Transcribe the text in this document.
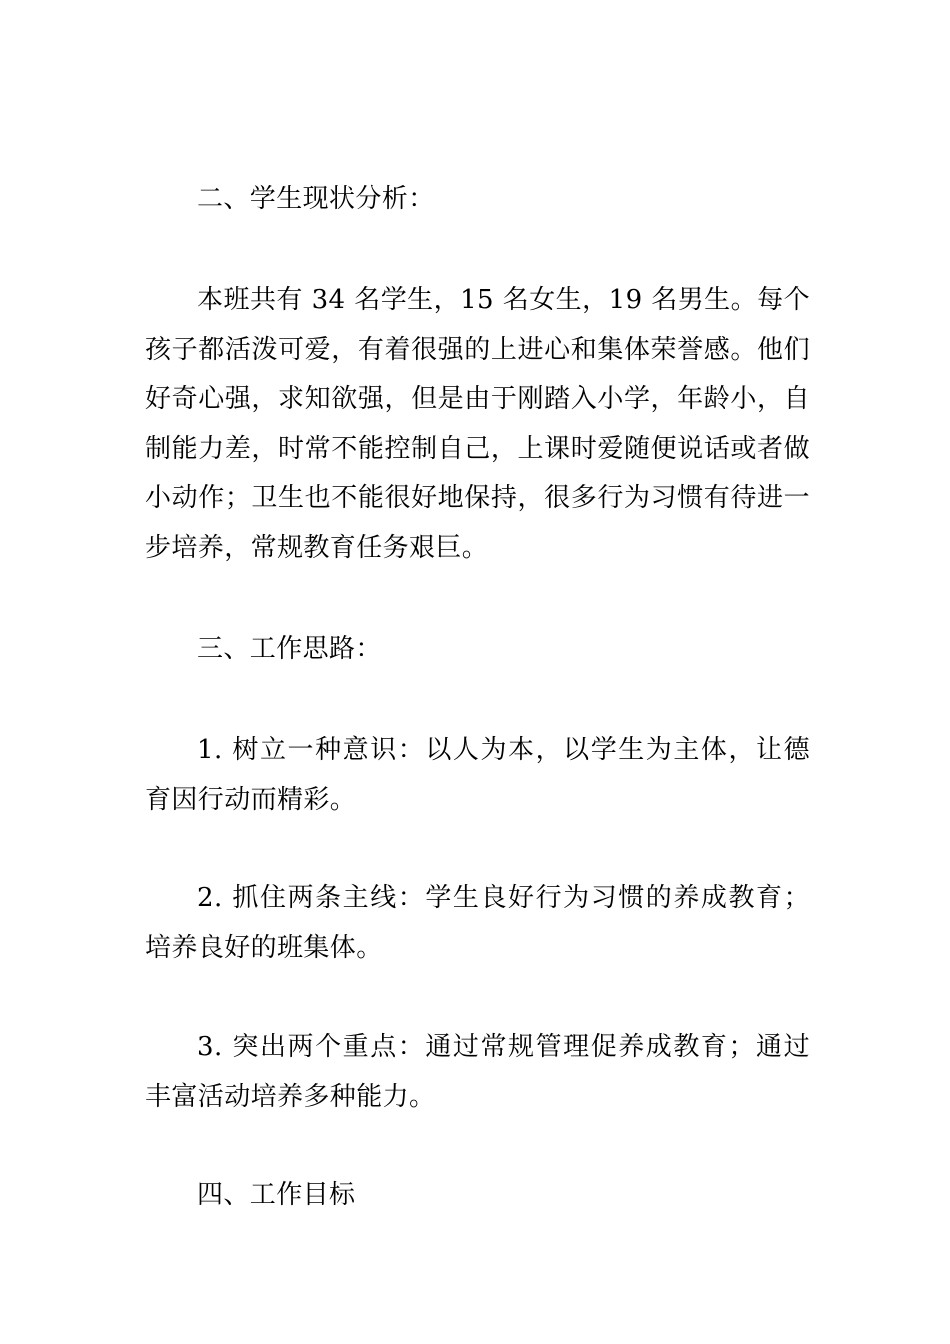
二、学生现状分析：

本班共有 34 名学生，15 名女生，19 名男生。每个孩子都活泼可爱，有着很强的上进心和集体荣誉感。他们好奇心强，求知欲强，但是由于刚踏入小学，年龄小，自制能力差，时常不能控制自己，上课时爱随便说话或者做小动作；卫生也不能很好地保持，很多行为习惯有待进一步培养，常规教育任务艰巨。

三、工作思路：

1. 树立一种意识：以人为本，以学生为主体，让德育因行动而精彩。

2. 抓住两条主线：学生良好行为习惯的养成教育；培养良好的班集体。

3. 突出两个重点：通过常规管理促养成教育；通过丰富活动培养多种能力。

四、工作目标
